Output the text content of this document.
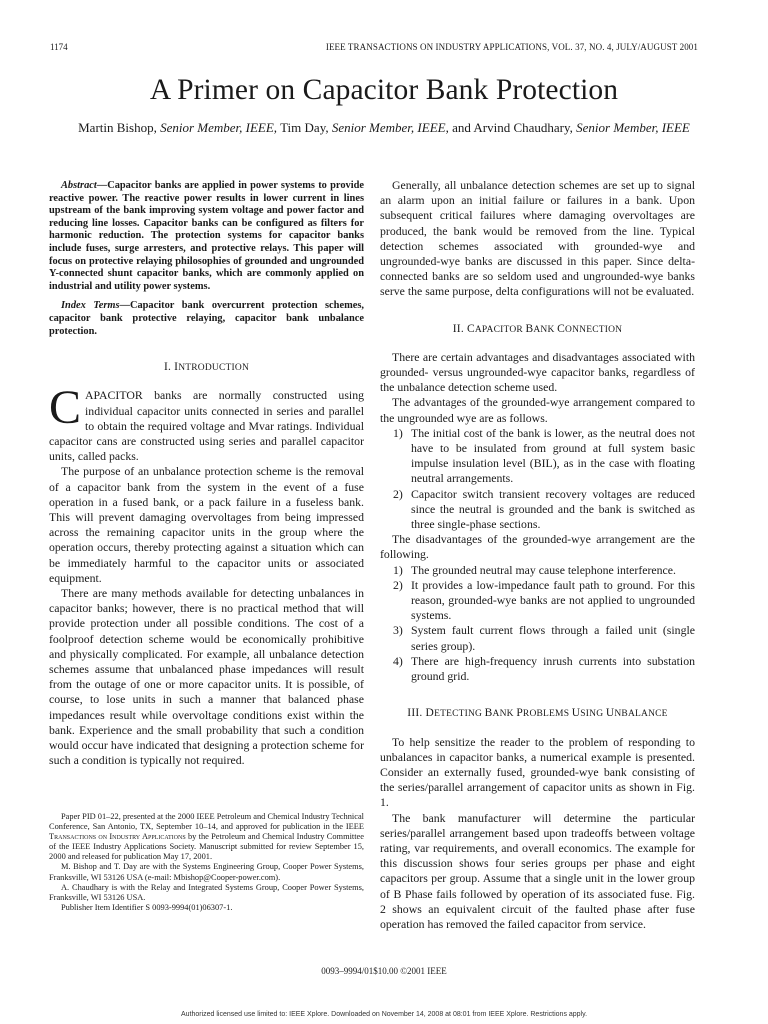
1174	IEEE TRANSACTIONS ON INDUSTRY APPLICATIONS, VOL. 37, NO. 4, JULY/AUGUST 2001
A Primer on Capacitor Bank Protection
Martin Bishop, Senior Member, IEEE, Tim Day, Senior Member, IEEE, and Arvind Chaudhary, Senior Member, IEEE

Abstract—Capacitor banks are applied in power systems to provide reactive power. The reactive power results in lower current in lines upstream of the bank improving system voltage and power factor and reducing line losses. Capacitor banks can be configured as filters for harmonic reduction. The protection systems for capacitor banks include fuses, surge arresters, and protective relays. This paper will focus on protective relaying philosophies of grounded and ungrounded Y-connected shunt capacitor banks, which are commonly applied on industrial and utility power systems.

Index Terms—Capacitor bank overcurrent protection schemes, capacitor bank protective relaying, capacitor bank unbalance protection.

I. INTRODUCTION

CAPACITOR banks are normally constructed using individual capacitor units connected in series and parallel to obtain the required voltage and Mvar ratings. Individual capacitor cans are constructed using series and parallel capacitor units, called packs.

The purpose of an unbalance protection scheme is the removal of a capacitor bank from the system in the event of a fuse operation in a fused bank, or a pack failure in a fuseless bank. This will prevent damaging overvoltages from being impressed across the remaining capacitor units in the group where the operation occurs, thereby protecting against a situation which can be immediately harmful to the capacitor units or associated equipment.

There are many methods available for detecting unbalances in capacitor banks; however, there is no practical method that will provide protection under all possible conditions. The cost of a foolproof detection scheme would be economically prohibitive and physically complicated. For example, all unbalance detection schemes assume that unbalanced phase impedances will result from the outage of one or more capacitor units. It is possible, of course, to lose units in such a manner that balanced phase impedances result while overvoltage conditions exist within the bank. Experience and the small probability that such a condition would occur have indicated that designing a protection scheme for such a condition is typically not required.

Generally, all unbalance detection schemes are set up to signal an alarm upon an initial failure or failures in a bank. Upon subsequent critical failures where damaging overvoltages are produced, the bank would be removed from the line. Typical detection schemes associated with grounded-wye and ungrounded-wye banks are discussed in this paper. Since delta-connected banks are so seldom used and ungrounded-wye banks serve the same purpose, delta configurations will not be evaluated.

II. CAPACITOR BANK CONNECTION

There are certain advantages and disadvantages associated with grounded- versus ungrounded-wye capacitor banks, regardless of the unbalance detection scheme used.

The advantages of the grounded-wye arrangement compared to the ungrounded wye are as follows.

1) The initial cost of the bank is lower, as the neutral does not have to be insulated from ground at full system basic impulse insulation level (BIL), as in the case with floating neutral arrangements.
2) Capacitor switch transient recovery voltages are reduced since the neutral is grounded and the bank is switched as three single-phase sections.

The disadvantages of the grounded-wye arrangement are the following.

1) The grounded neutral may cause telephone interference.
2) It provides a low-impedance fault path to ground. For this reason, grounded-wye banks are not applied to ungrounded systems.
3) System fault current flows through a failed unit (single series group).
4) There are high-frequency inrush currents into substation ground grid.
III. DETECTING BANK PROBLEMS USING UNBALANCE

To help sensitize the reader to the problem of responding to unbalances in capacitor banks, a numerical example is presented. Consider an externally fused, grounded-wye bank consisting of the series/parallel arrangement of capacitor units as shown in Fig. 1.

The bank manufacturer will determine the particular series/parallel arrangement based upon tradeoffs between voltage rating, var requirements, and overall economics. The example for this discussion shows four series groups per phase and eight capacitors per group. Assume that a single unit in the lower group of B Phase fails followed by operation of its associated fuse. Fig. 2 shows an equivalent circuit of the faulted phase after fuse operation has removed the failed capacitor from service.

Paper PID 01–22, presented at the 2000 IEEE Petroleum and Chemical Industry Technical Conference, San Antonio, TX, September 10–14, and approved for publication in the IEEE Transactions on Industry Applications by the Petroleum and Chemical Industry Committee of the IEEE Industry Applications Society. Manuscript submitted for review September 15, 2000 and released for publication May 17, 2001.

M. Bishop and T. Day are with the Systems Engineering Group, Cooper Power Systems, Franksville, WI 53126 USA (e-mail: Mbishop@Cooper-power.com).

A. Chaudhary is with the Relay and Integrated Systems Group, Cooper Power Systems, Franksville, WI 53126 USA.

Publisher Item Identifier S 0093-9994(01)06307-1.

0093–9994/01$10.00 ©2001 IEEE
Authorized licensed use limited to: IEEE Xplore. Downloaded on November 14, 2008 at 08:01 from IEEE Xplore. Restrictions apply.
